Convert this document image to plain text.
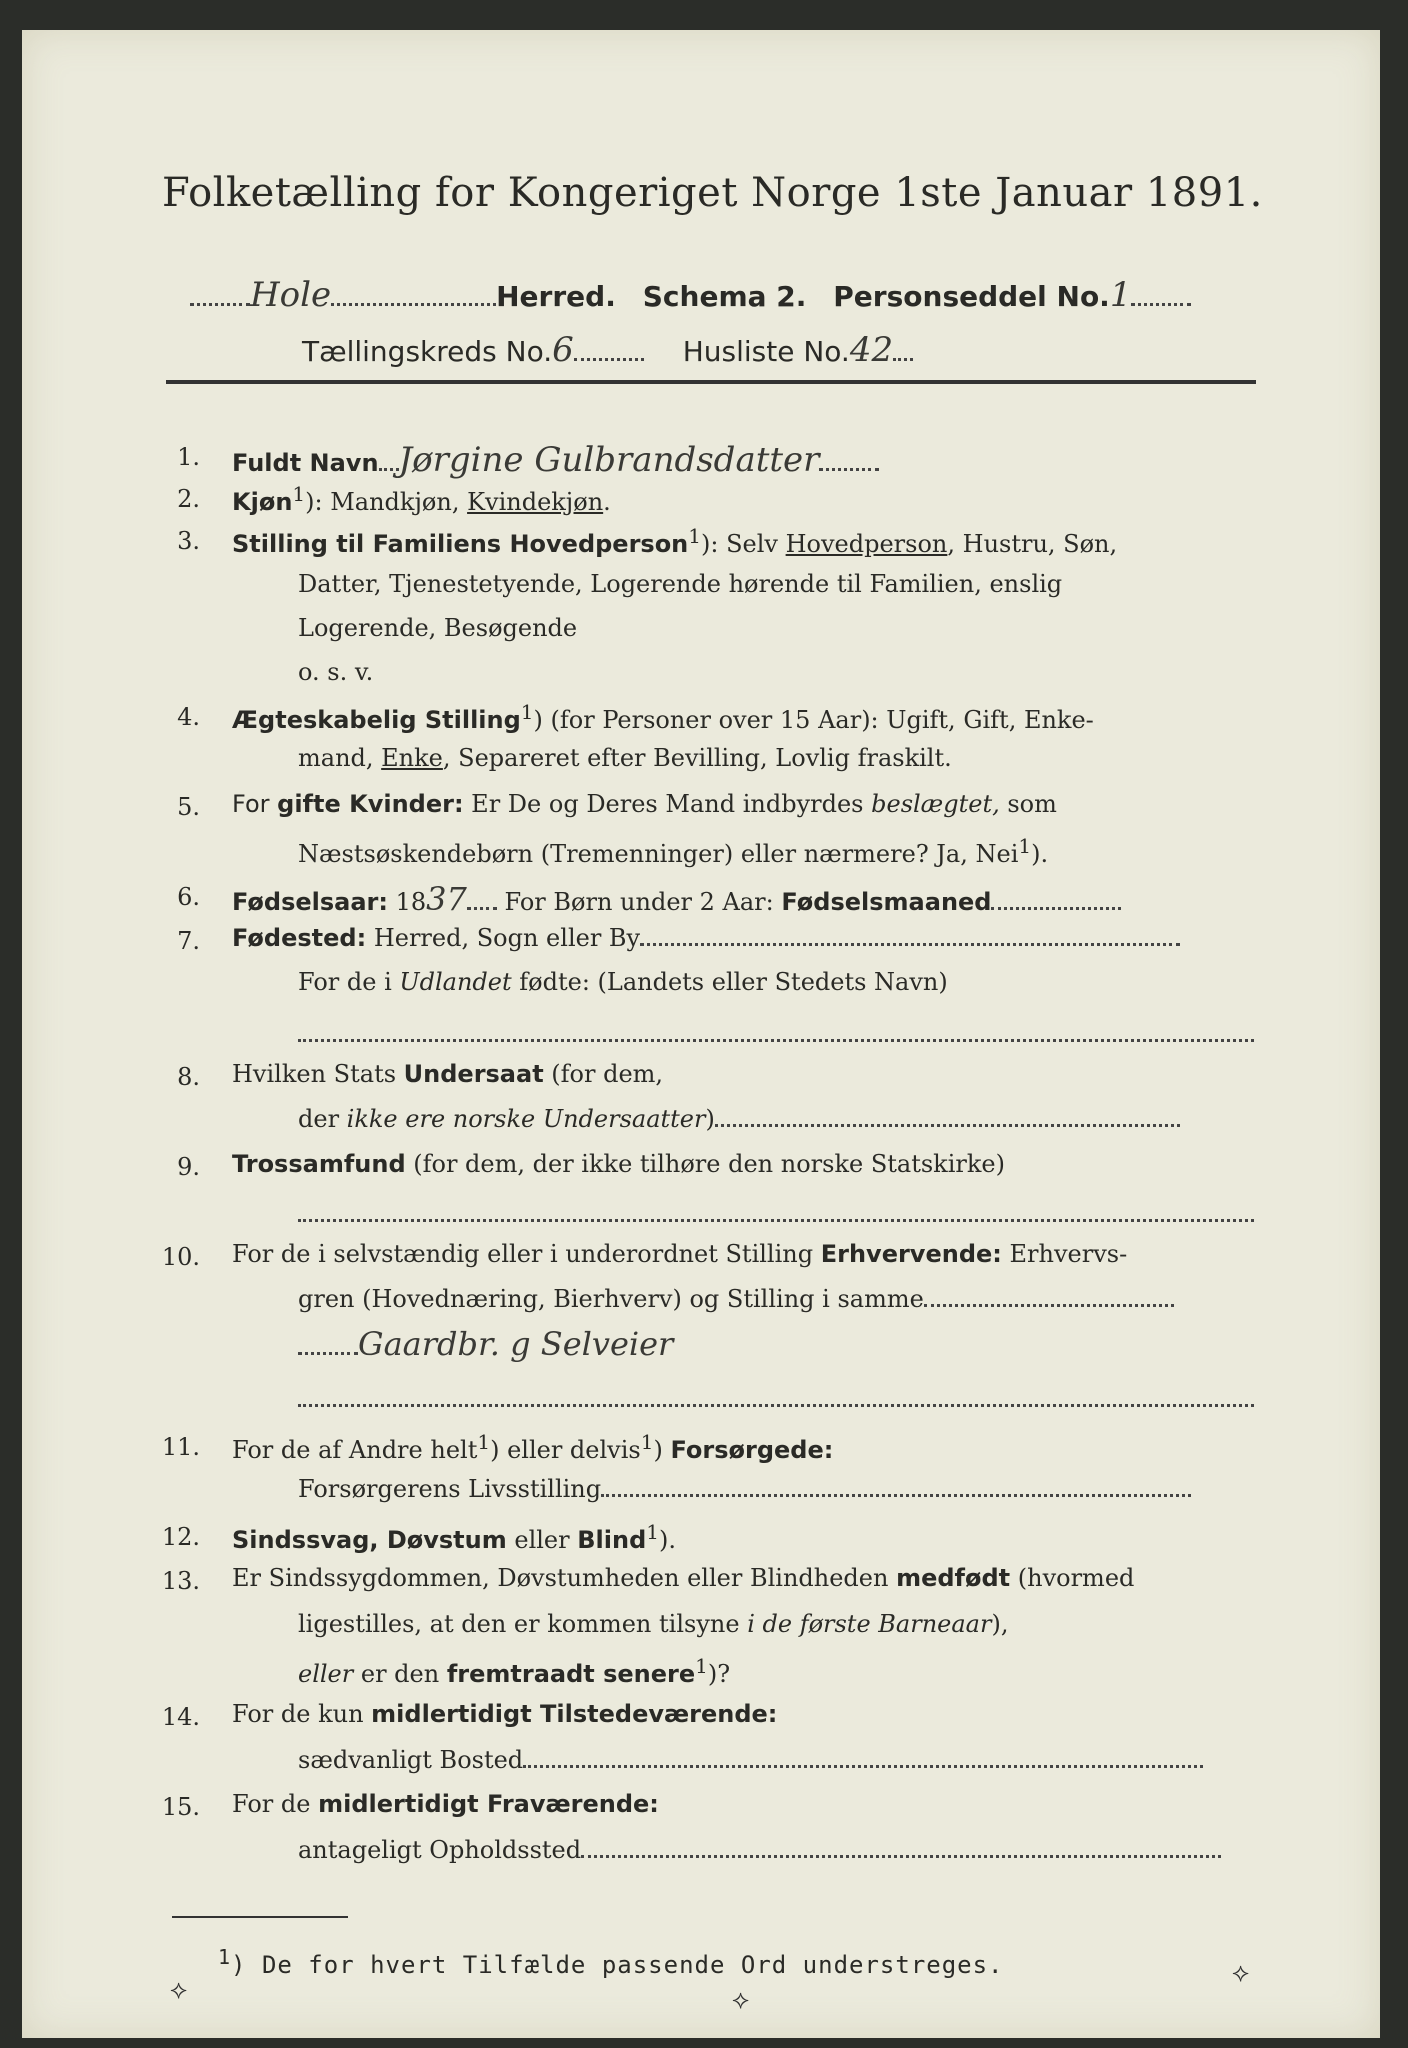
Folketælling for Kongeriget Norge 1ste Januar 1891.
Hole	Herred. Schema 2. Personseddel No.1
Tællingskreds No.6	Husliste No.42
1. Fuldt Navn Jørgine Gulbrandsdatter
2. Kjøn$^1$): Mandkjøn, Kvindekjøn.
3. Stilling til Familiens Hovedperson$^1$): Selv Hovedperson, Hustru, Søn,
Datter, Tjenestetyende, Logerende hørende til Familien, enslig
Logerende, Besøgende
o. s. v.
4. Ægteskabelig Stilling$^1$) (for Personer over 15 Aar): Ugift, Gift, Enke-
mand, Enke, Separeret efter Bevilling, Lovlig fraskilt.
5. For gifte Kvinder: Er De og Deres Mand indbyrdes beslægtet, som
Næstsøskendebørn (Tremenninger) eller nærmere? Ja, Nei$^1$).
6. Fødselsaar: 1837 For Børn under 2 Aar: Fødselsmaaned
7. Fødested: Herred, Sogn eller By
For de i Udlandet fødte: (Landets eller Stedets Navn)
8. Hvilken Stats Undersaat (for dem,
der ikke ere norske Undersaatter)
9. Trossamfund (for dem, der ikke tilhøre den norske Statskirke)
10. For de i selvstændig eller i underordnet Stilling Erhvervende: Erhvervs-
gren (Hovednæring, Bierhverv) og Stilling i samme
Gaardbr. g Selveier
11. For de af Andre helt$^1$) eller delvis$^1$) Forsørgede:
Forsørgerens Livsstilling
12. Sindssvag, Døvstum eller Blind$^1$).
13. Er Sindssygdommen, Døvstumheden eller Blindheden medfødt (hvormed
ligestilles, at den er kommen tilsyne i de første Barneaar),
eller er den fremtraadt senere$^1$)?
14. For de kun midlertidigt Tilstedeværende:
sædvanligt Bosted
15. For de midlertidigt Fraværende:
antageligt Opholdssted
$^1$) De for hvert Tilfælde passende Ord understreges.
⟡	⟡
⟡
